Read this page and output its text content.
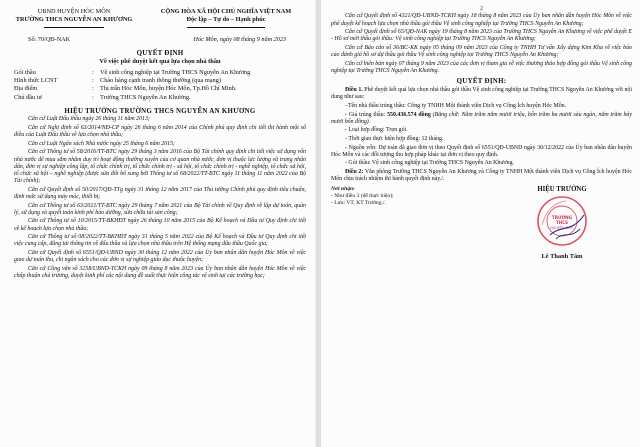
UBND HUYỆN HÓC MÔN
TRƯỜNG THCS NGUYỄN AN KHƯƠNG
CỘNG HÒA XÃ HỘI CHỦ NGHĨA VIỆT NAM
Độc lập – Tự do – Hạnh phúc
Số: 70/QĐ-NAK	Hóc Môn, ngày 08 tháng 9 năm 2023
QUYẾT ĐỊNH
Về việc phê duyệt kết quả lựa chọn nhà thầu
Gói thầu	: Vệ sinh công nghiệp tại Trường THCS Nguyễn An Khương
Hình thức LCNT	: Chào hàng cạnh tranh thông thường (qua mạng)
Địa điểm	: Thị trấn Hóc Môn, huyện Hóc Môn, Tp.Hồ Chí Minh.
Chủ đầu tư	: Trường THCS Nguyễn An Khương.
HIỆU TRƯỞNG TRƯỜNG THCS NGUYỄN AN KHƯƠNG

Căn cứ Luật Đấu thầu ngày 26 tháng 11 năm 2013;

Căn cứ Nghị định số 63/2014/NĐ-CP ngày 26 tháng 6 năm 2014 của Chính phủ quy định chi tiết thi hành một số điều của Luật Đấu thầu về lựa chọn nhà thầu;

Căn cứ Luật Ngân sách Nhà nước ngày 25 tháng 6 năm 2015;

Căn cứ Thông tư số 58/2016/TT-BTC ngày 29 tháng 3 năm 2016 của Bộ Tài chính quy định chi tiết việc sử dụng vốn nhà nước để mua sắm nhằm duy trì hoạt động thường xuyên của cơ quan nhà nước, đơn vị thuộc lực lượng vũ trang nhân dân, đơn vị sự nghiệp công lập, tổ chức chính trị, tổ chức chính trị - xã hội, tổ chức chính trị - nghề nghiệp, tổ chức xã hội, tổ chức xã hội – nghề nghiệp (được sửa đổi bổ sung bởi Thông tư số 68/2022/TT-BTC ngày 11 tháng 11 năm 2022 của Bộ Tài chính);

Căn cứ Quyết định số 50/2017/QĐ-TTg ngày 31 tháng 12 năm 2017 của Thủ tướng Chính phủ quy định tiêu chuẩn, định mức sử dụng máy móc, thiết bị;

Căn cứ Thông tư số 63/2021/TT-BTC ngày 29 tháng 7 năm 2021 của Bộ Tài chính về Quy định về lập dự toán, quản lý, sử dụng và quyết toán kinh phí bảo dưỡng, sửa chữa tài sản công;

Căn cứ Thông tư số 10/2015/TT-BKHĐT ngày 26 tháng 10 năm 2015 của Bộ Kế hoạch và Đầu tư Quy định chi tiết về kế hoạch lựa chọn nhà thầu;

Căn cứ Thông tư số 08/2022/TT-BKHĐT ngày 31 tháng 5 năm 2022 của Bộ Kế hoạch và Đầu tư Quy định chi tiết việc cung cấp, đăng tải thông tin về đấu thầu và lựa chọn nhà thầu trên Hệ thống mạng đấu thầu Quốc gia;

Căn cứ Quyết định số 6551/QĐ-UBND ngày 30 tháng 12 năm 2022 của Ủy ban nhân dân huyện Hóc Môn về việc giao dự toán thu, chi ngân sách cho các đơn vị sự nghiệp giáo dục thuộc huyện;

Căn cứ Công văn số 3258/UBND-TCKH ngày 09 tháng 8 năm 2023 của Ủy ban nhân dân huyện Hóc Môn về việc chấp thuận chủ trương, duyệt kinh phí các nội dung đề xuất thực hiện công tác vệ sinh tại các trường học;

2

Căn cứ Quyết định số 4321/QĐ-UBND-TCKH ngày 18 tháng 8 năm 2023 của Ủy ban nhân dân huyện Hóc Môn về việc phê duyệt kế hoạch lựa chọn nhà thầu gói thầu Vệ sinh công nghiệp tại Trường THCS Nguyễn An Khương;

Căn cứ Quyết định số 65/QĐ-NAK ngày 19 tháng 8 năm 2023 của Trường THCS Nguyễn An Khương về việc phê duyệt E - Hồ sơ mời thầu gói thầu: Vệ sinh công nghiệp tại Trường THCS Nguyễn An Khương;

Căn cứ Báo cáo số 36/BC-KK ngày 05 tháng 09 năm 2023 của Công ty TNHH Tư vấn Xây dựng Kim Kha về việc báo cáo đánh giá hồ sơ dự thầu gói thầu Vệ sinh công nghiệp tại Trường THCS Nguyễn An Khương;

Căn cứ biên bản ngày 07 tháng 9 năm 2023 của các đơn vị tham gia về việc thương thảo hợp đồng gói thầu Vệ sinh công nghiệp tại Trường THCS Nguyễn An Khương.

QUYẾT ĐỊNH:

Điều 1. Phê duyệt kết quả lựa chọn nhà thầu gói thầu Vệ sinh công nghiệp tại Trường THCS Nguyễn An Khương với nội dung như sau:

–Tên nhà thầu trúng thầu: Công ty TNHH Một thành viên Dịch vụ Công Ích huyện Hóc Môn.

- Giá trúng thầu: 550.436.574 đồng (Bằng chữ: Năm trăm năm mươi triệu, bốn trăm ba mươi sáu ngàn, năm trăm bảy mươi bốn đồng).

- Loại hợp đồng: Trọn gói.

- Thời gian thực hiện hợp đồng: 12 tháng.

- Nguồn vốn: Dự toán đã giao đơn vị theo Quyết định số 6551/QĐ-UBND ngày 30/12/2022 của Ủy ban nhân dân huyện Hóc Môn và các đối tượng thu hợp pháp khác tại đơn vị theo quy định.

- Gói thầu: Vệ sinh công nghiệp tại Trường THCS Nguyễn An Khương.

Điều 2: Văn phòng Trường THCS Nguyễn An Khương và Công ty TNHH Một thành viên Dịch vụ Công Ích huyện Hóc Môn chịu trách nhiệm thi hành quyết định này./.

Nơi nhận:
- Như điều 3 (để thực hiện);
- Lưu: VT, KT Trường./.
HIỆU TRƯỞNG
TRƯỜNG
THCS
NGUYỄN AN K.
Lê Thanh Tâm
